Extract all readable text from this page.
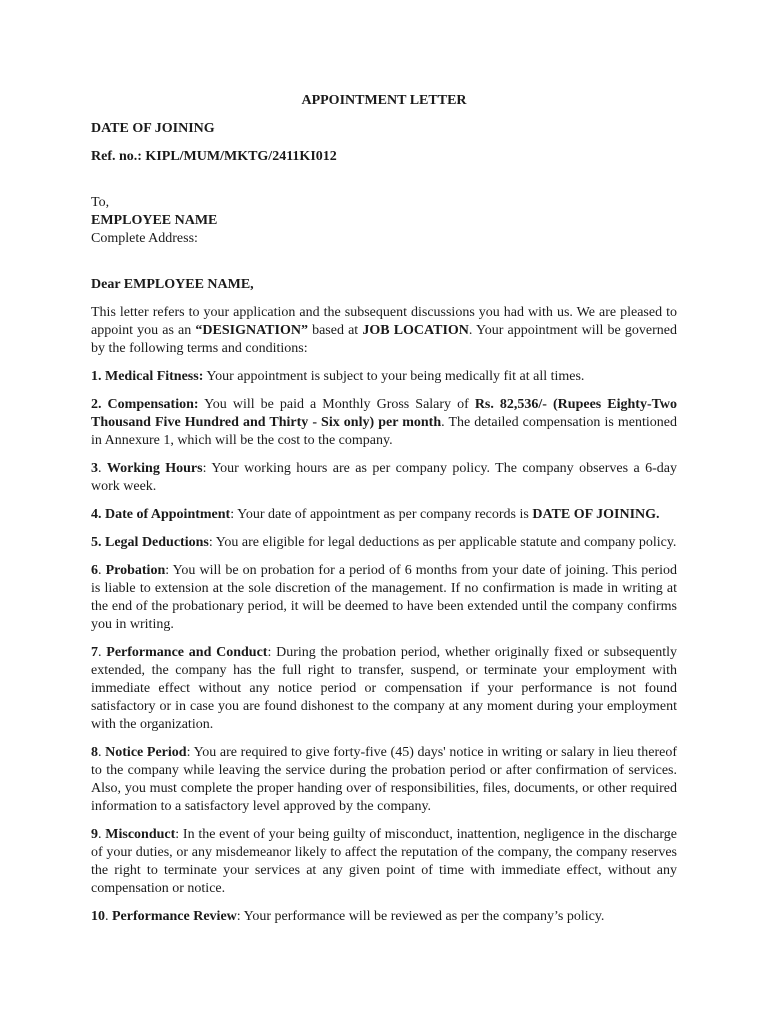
APPOINTMENT LETTER
DATE OF JOINING
Ref. no.: KIPL/MUM/MKTG/2411KI012
To,
EMPLOYEE NAME
Complete Address:
Dear EMPLOYEE NAME,

This letter refers to your application and the subsequent discussions you had with us. We are pleased to appoint you as an “DESIGNATION” based at JOB LOCATION. Your appointment will be governed by the following terms and conditions:

1. Medical Fitness: Your appointment is subject to your being medically fit at all times.

2. Compensation: You will be paid a Monthly Gross Salary of Rs. 82,536/- (Rupees Eighty-Two Thousand Five Hundred and Thirty - Six only) per month. The detailed compensation is mentioned in Annexure 1, which will be the cost to the company.

3. Working Hours: Your working hours are as per company policy. The company observes a 6-day work week.

4. Date of Appointment: Your date of appointment as per company records is DATE OF JOINING.

5. Legal Deductions: You are eligible for legal deductions as per applicable statute and company policy.

6. Probation: You will be on probation for a period of 6 months from your date of joining. This period is liable to extension at the sole discretion of the management. If no confirmation is made in writing at the end of the probationary period, it will be deemed to have been extended until the company confirms you in writing.

7. Performance and Conduct: During the probation period, whether originally fixed or subsequently extended, the company has the full right to transfer, suspend, or terminate your employment with immediate effect without any notice period or compensation if your performance is not found satisfactory or in case you are found dishonest to the company at any moment during your employment with the organization.

8. Notice Period: You are required to give forty-five (45) days' notice in writing or salary in lieu thereof to the company while leaving the service during the probation period or after confirmation of services. Also, you must complete the proper handing over of responsibilities, files, documents, or other required information to a satisfactory level approved by the company.

9. Misconduct: In the event of your being guilty of misconduct, inattention, negligence in the discharge of your duties, or any misdemeanor likely to affect the reputation of the company, the company reserves the right to terminate your services at any given point of time with immediate effect, without any compensation or notice.

10. Performance Review: Your performance will be reviewed as per the company’s policy.
